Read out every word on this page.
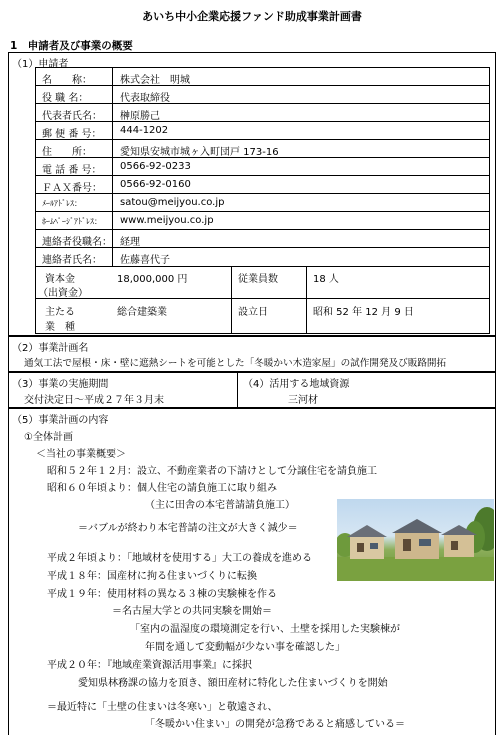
あいち中小企業応援ファンド助成事業計画書
1　申請者及び事業の概要
（1）申請者
名　　称：	株式会社　明城
役 職 名：	代表取締役
代表者氏名： 榊原勝己
郵 便 番 号： 444-1202
住　　所：	愛知県安城市城ヶ入町団戸 173-16
電 話 番 号： 0566-92-0233
ＦＡＸ番号： 0566-92-0160
ﾒｰﾙｱﾄﾞﾚｽ：	satou@meijyou.co.jp
ﾎｰﾑﾍﾟｰｼﾞｱﾄﾞﾚｽ： www.meijyou.co.jp
連絡者役職名： 経理
連絡者氏名： 佐藤喜代子
資本金
（出資金）
18,000,000 円	従業員数	18 人
主たる
業　種
総合建築業	設立日	昭和 52 年 12 月 9 日
（2）事業計画名
通気工法で屋根・床・壁に遮熱シートを可能とした「冬暖かい木造家屋」の試作開発及び販路開拓
（3）事業の実施期間
交付決定日〜平成２７年３月末
（4）活用する地域資源
三河材
（5）事業計画の内容
①全体計画
＜当社の事業概要＞
昭和５２年１２月：設立、不動産業者の下請けとして分譲住宅を請負施工
昭和６０年頃より：個人住宅の請負施工に取り組み
（主に田舎の本宅普請請負施工）
＝バブルが終わり本宅普請の注文が大きく減少＝
平成２年頃より：「地域材を使用する」大工の養成を進める
平成１８年：国産材に拘る住まいづくりに転換
平成１９年：使用材料の異なる３棟の実験棟を作る
＝名古屋大学との共同実験を開始＝
「室内の温湿度の環境測定を行い、土壁を採用した実験棟が
年間を通して変動幅が少ない事を確認した」
平成２０年：『地域産業資源活用事業』に採択
愛知県林務課の協力を頂き、額田産材に特化した住まいづくりを開始
＝最近特に「土壁の住まいは冬寒い」と敬遠され、
「冬暖かい住まい」の開発が急務であると痛感している＝
